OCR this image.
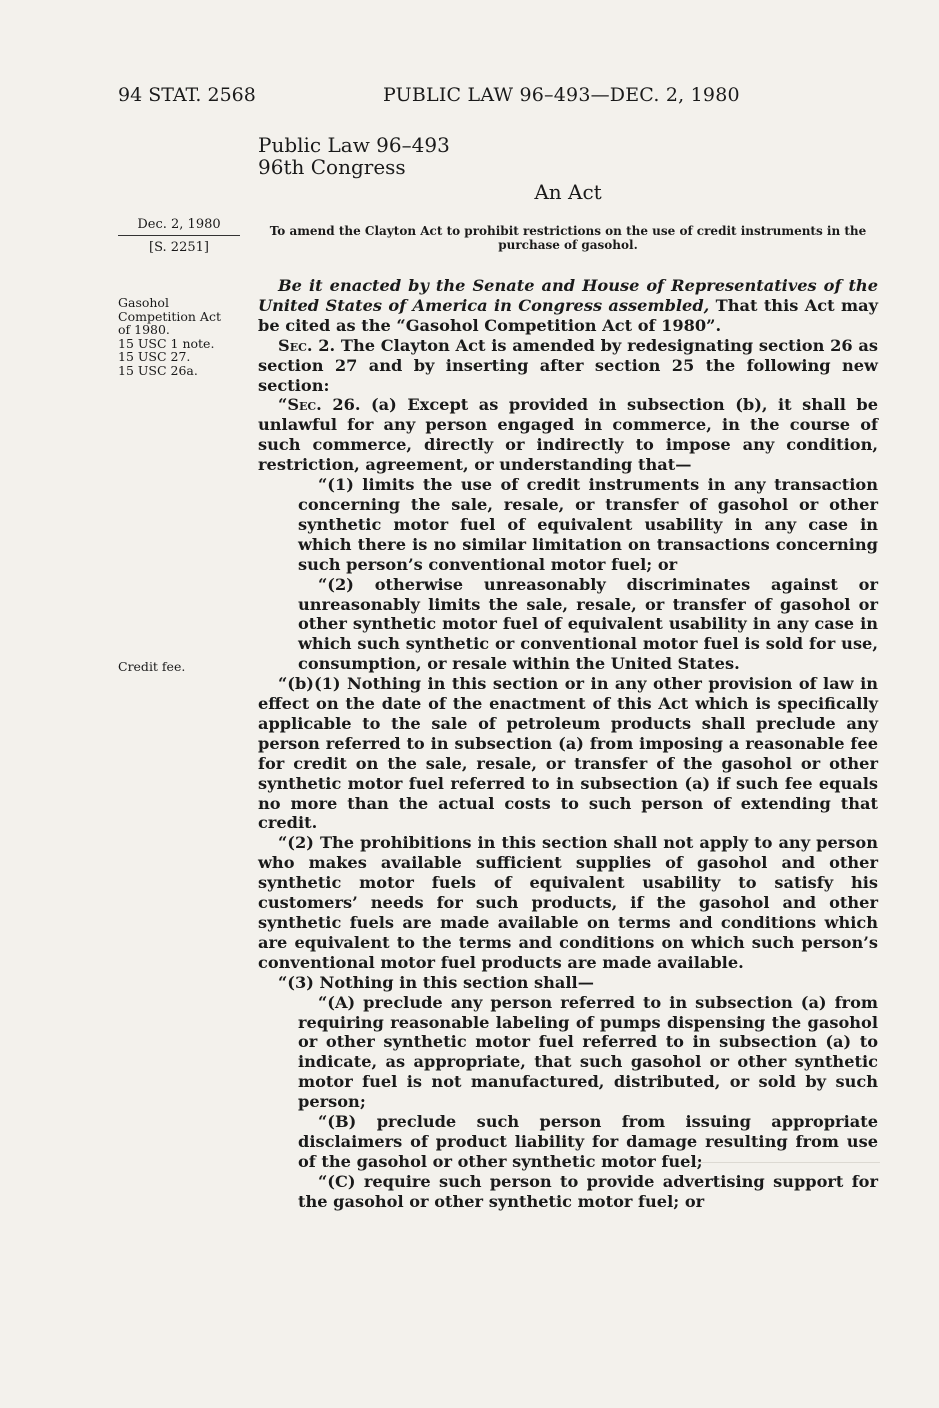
94 STAT. 2568	PUBLIC LAW 96–493—DEC. 2, 1980
Public Law 96–493
96th Congress
An Act
Dec. 2, 1980
[S. 2251]
To amend the Clayton Act to prohibit restrictions on the use of credit instruments in the purchase of gasohol.
Gasohol
Competition Act
of 1980.
15 USC 1 note.
15 USC 27.
15 USC 26a.
Credit fee.

Be it enacted by the Senate and House of Representatives of the United States of America in Congress assembled, That this Act may be cited as the “Gasohol Competition Act of 1980”.

Sec. 2. The Clayton Act is amended by redesignating section 26 as section 27 and by inserting after section 25 the following new section:

“Sec. 26. (a) Except as provided in subsection (b), it shall be unlawful for any person engaged in commerce, in the course of such commerce, directly or indirectly to impose any condition, restriction, agreement, or understanding that—

“(1) limits the use of credit instruments in any transaction concerning the sale, resale, or transfer of gasohol or other synthetic motor fuel of equivalent usability in any case in which there is no similar limitation on transactions concerning such person’s conventional motor fuel; or

“(2) otherwise unreasonably discriminates against or unreasonably limits the sale, resale, or transfer of gasohol or other synthetic motor fuel of equivalent usability in any case in which such synthetic or conventional motor fuel is sold for use, consumption, or resale within the United States.

“(b)(1) Nothing in this section or in any other provision of law in effect on the date of the enactment of this Act which is specifically applicable to the sale of petroleum products shall preclude any person referred to in subsection (a) from imposing a reasonable fee for credit on the sale, resale, or transfer of the gasohol or other synthetic motor fuel referred to in subsection (a) if such fee equals no more than the actual costs to such person of extending that credit.

“(2) The prohibitions in this section shall not apply to any person who makes available sufficient supplies of gasohol and other synthetic motor fuels of equivalent usability to satisfy his customers’ needs for such products, if the gasohol and other synthetic fuels are made available on terms and conditions which are equivalent to the terms and conditions on which such person’s conventional motor fuel products are made available.

“(3) Nothing in this section shall—

“(A) preclude any person referred to in subsection (a) from requiring reasonable labeling of pumps dispensing the gasohol or other synthetic motor fuel referred to in subsection (a) to indicate, as appropriate, that such gasohol or other synthetic motor fuel is not manufactured, distributed, or sold by such person;

“(B) preclude such person from issuing appropriate disclaimers of product liability for damage resulting from use of the gasohol or other synthetic motor fuel;

“(C) require such person to provide advertising support for the gasohol or other synthetic motor fuel; or
